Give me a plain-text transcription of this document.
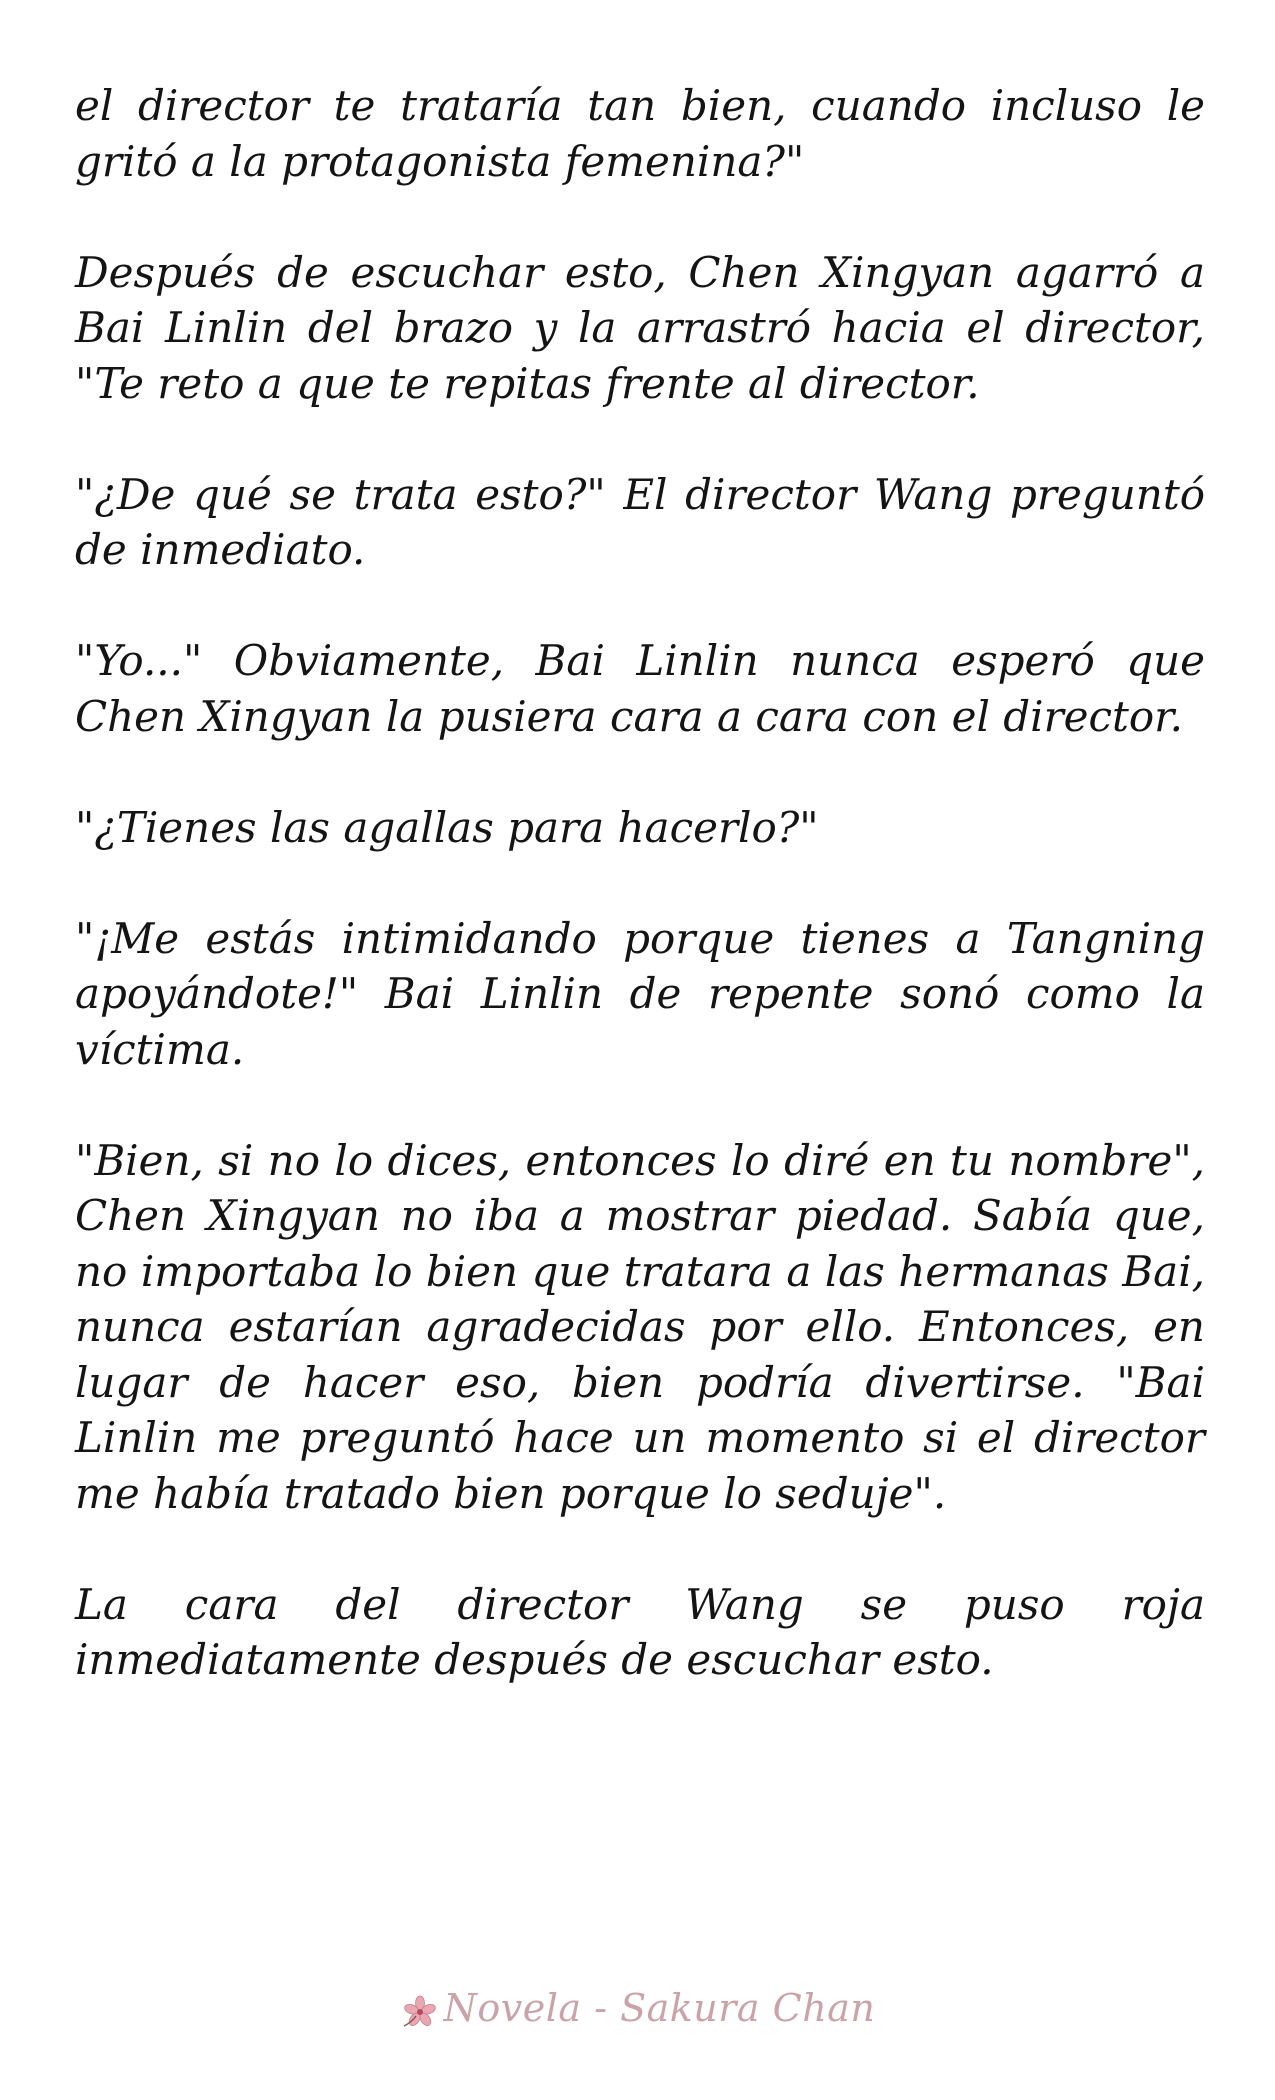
el director te trataría tan bien, cuando incluso le gritó a la protagonista femenina?"

Después de escuchar esto, Chen Xingyan agarró a Bai Linlin del brazo y la arrastró hacia el director, "Te reto a que te repitas frente al director.

"¿De qué se trata esto?" El director Wang preguntó de inmediato.

"Yo..." Obviamente, Bai Linlin nunca esperó que Chen Xingyan la pusiera cara a cara con el director.

"¿Tienes las agallas para hacerlo?"

"¡Me estás intimidando porque tienes a Tangning apoyándote!" Bai Linlin de repente sonó como la víctima.

"Bien, si no lo dices, entonces lo diré en tu nombre", Chen Xingyan no iba a mostrar piedad. Sabía que, no importaba lo bien que tratara a las hermanas Bai, nunca estarían agradecidas por ello. Entonces, en lugar de hacer eso, bien podría divertirse. "Bai Linlin me preguntó hace un momento si el director me había tratado bien porque lo seduje".

La cara del director Wang se puso roja inmediatamente después de escuchar esto.

Novela - Sakura Chan
